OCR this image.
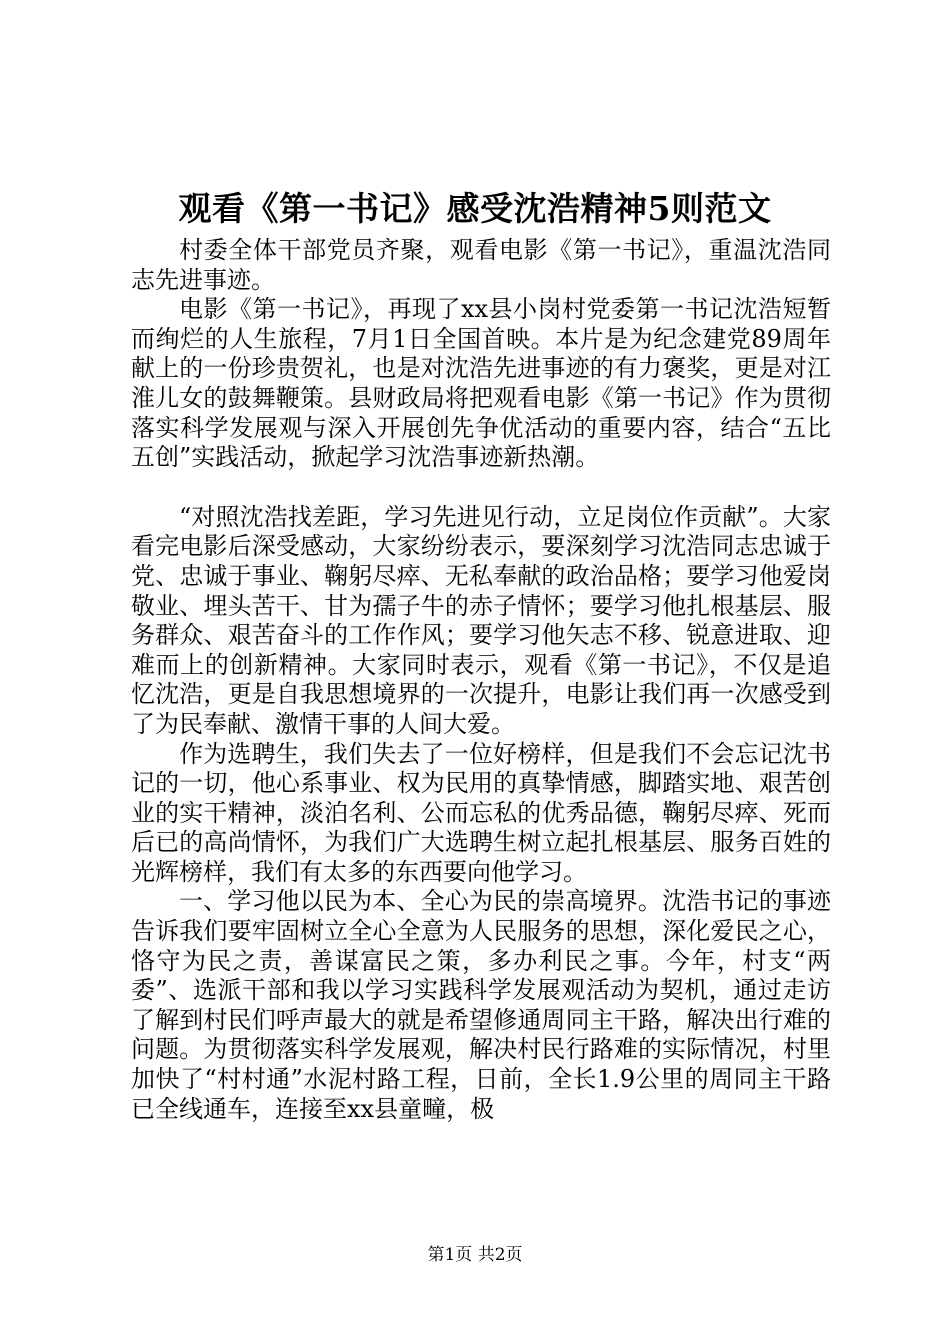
观看《第一书记》感受沈浩精神5则范文

村委全体干部党员齐聚，观看电影《第一书记》，重温沈浩同志先进事迹。

电影《第一书记》，再现了xx县小岗村党委第一书记沈浩短暂而绚烂的人生旅程，7月1日全国首映。本片是为纪念建党89周年献上的一份珍贵贺礼，也是对沈浩先进事迹的有力褒奖，更是对江淮儿女的鼓舞鞭策。县财政局将把观看电影《第一书记》作为贯彻落实科学发展观与深入开展创先争优活动的重要内容，结合“五比五创”实践活动，掀起学习沈浩事迹新热潮。

“对照沈浩找差距，学习先进见行动，立足岗位作贡献”。大家看完电影后深受感动，大家纷纷表示，要深刻学习沈浩同志忠诚于党、忠诚于事业、鞠躬尽瘁、无私奉献的政治品格；要学习他爱岗敬业、埋头苦干、甘为孺子牛的赤子情怀；要学习他扎根基层、服务群众、艰苦奋斗的工作作风；要学习他矢志不移、锐意进取、迎难而上的创新精神。大家同时表示，观看《第一书记》，不仅是追忆沈浩，更是自我思想境界的一次提升，电影让我们再一次感受到了为民奉献、激情干事的人间大爱。

作为选聘生，我们失去了一位好榜样，但是我们不会忘记沈书记的一切，他心系事业、权为民用的真挚情感，脚踏实地、艰苦创业的实干精神，淡泊名利、公而忘私的优秀品德，鞠躬尽瘁、死而后已的高尚情怀，为我们广大选聘生树立起扎根基层、服务百姓的光辉榜样，我们有太多的东西要向他学习。

一、学习他以民为本、全心为民的崇高境界。沈浩书记的事迹告诉我们要牢固树立全心全意为人民服务的思想，深化爱民之心，恪守为民之责，善谋富民之策，多办利民之事。今年，村支“两委”、选派干部和我以学习实践科学发展观活动为契机，通过走访了解到村民们呼声最大的就是希望修通周同主干路，解决出行难的问题。为贯彻落实科学发展观，解决村民行路难的实际情况，村里加快了“村村通”水泥村路工程，日前，全长1.9公里的周同主干路已全线通车，连接至xx县童疃，极

第1页 共2页
